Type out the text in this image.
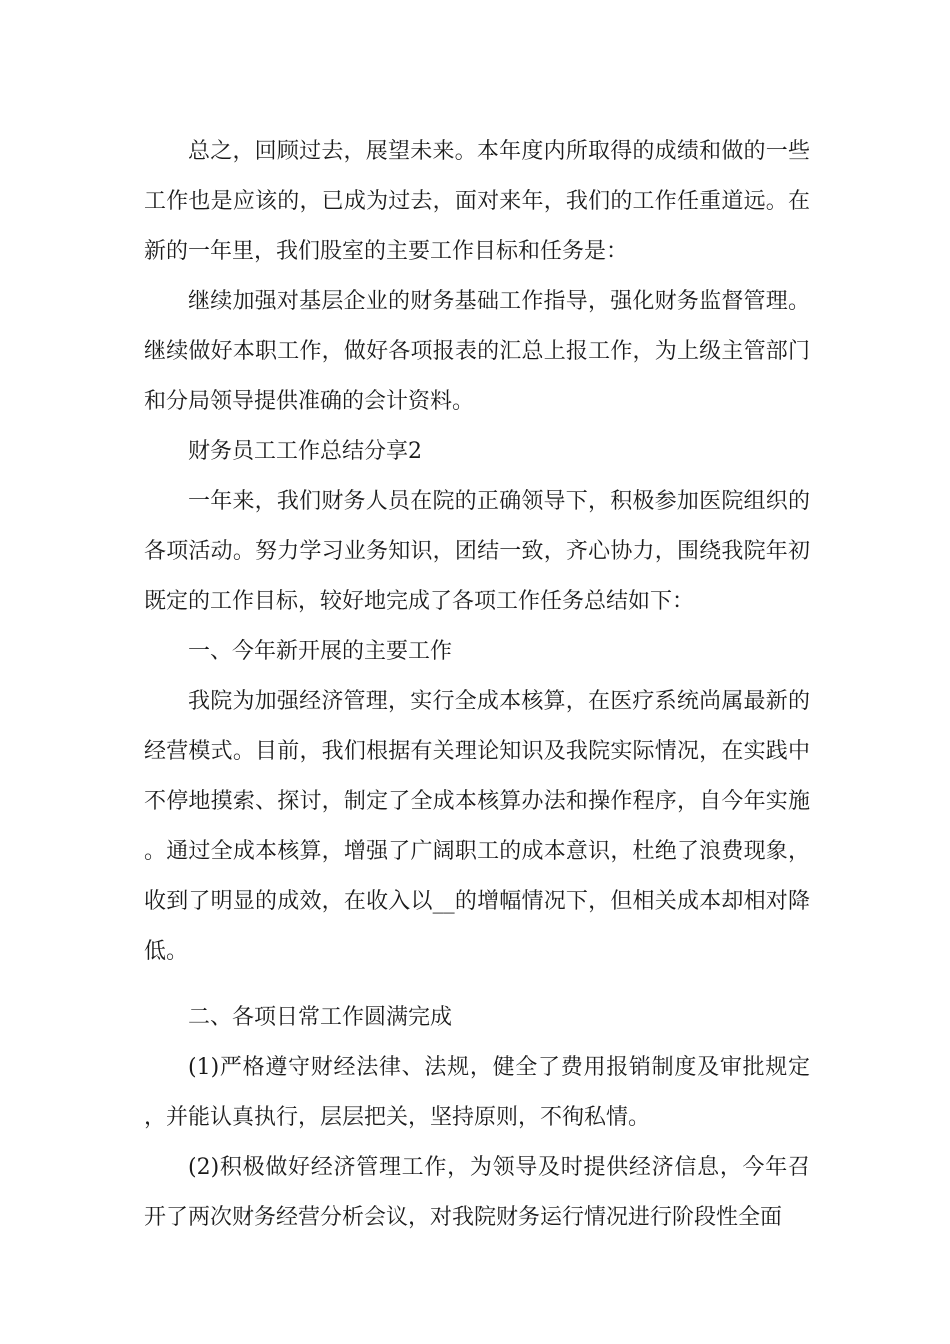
总之，回顾过去，展望未来。本年度内所取得的成绩和做的一些工作也是应该的，已成为过去，面对来年，我们的工作任重道远。在新的一年里，我们股室的主要工作目标和任务是：

继续加强对基层企业的财务基础工作指导，强化财务监督管理。继续做好本职工作，做好各项报表的汇总上报工作，为上级主管部门和分局领导提供准确的会计资料。

财务员工工作总结分享2

一年来，我们财务人员在院的正确领导下，积极参加医院组织的各项活动。努力学习业务知识，团结一致，齐心协力，围绕我院年初既定的工作目标，较好地完成了各项工作任务总结如下：

一、今年新开展的主要工作

我院为加强经济管理，实行全成本核算，在医疗系统尚属最新的经营模式。目前，我们根据有关理论知识及我院实际情况，在实践中不停地摸索、探讨，制定了全成本核算办法和操作程序，自今年实施。通过全成本核算，增强了广阔职工的成本意识，杜绝了浪费现象，收到了明显的成效，在收入以__的增幅情况下，但相关成本却相对降低。

二、各项日常工作圆满完成

(1)严格遵守财经法律、法规，健全了费用报销制度及审批规定，并能认真执行，层层把关，坚持原则，不徇私情。

(2)积极做好经济管理工作，为领导及时提供经济信息，今年召开了两次财务经营分析会议，对我院财务运行情况进行阶段性全面
